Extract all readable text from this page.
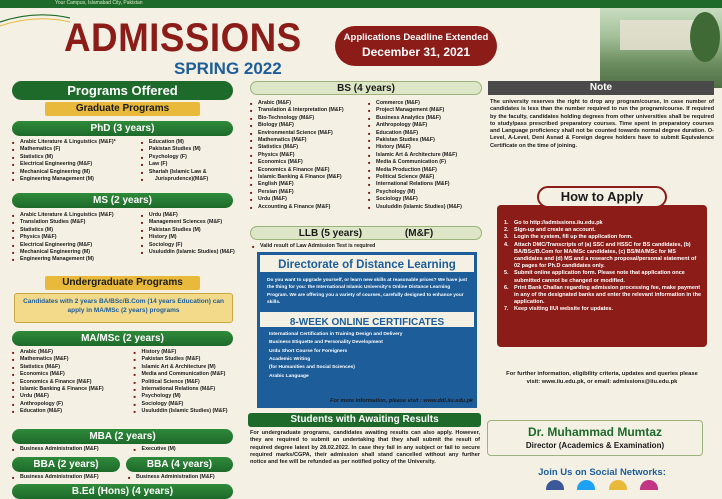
Your Campus, Islamabad City, Pakistan
ADMISSIONS
SPRING 2022
Applications Deadline Extended
December 31, 2021
Programs Offered
Graduate Programs
PhD (3 years)
■ Arabic Literature & Linguistics (M&F)*
■ Mathematics (F)
■ Statistics (M)
■ Electrical Engineering (M&F)
■ Mechanical Engineering (M)
■ Engineering Management (M)
■ Education (M)
■ Pakistan Studies (M)
■ Psychology (F)
■ Law (F)
■ Shariah (Islamic Law &
■ Jurisprudence)(M&F)
MS (2 years)
■ Arabic Literature & Linguistics (M&F)
■ Translation Studies (M&F)
■ Statistics (M)
■ Physics (M&F)
■ Electrical Engineering (M&F)
■ Mechanical Engineering (M)
■ Engineering Management (M)
■ Urdu (M&F)
■ Management Sciences (M&F)
■ Pakistan Studies (M)
■ History (M)
■ Sociology (F)
■ Usuluddin (Islamic Studies) (M&F)
Undergraduate Programs
Candidates with 2 years BA/BSc/B.Com (14 years Education) can apply in MA/MSc (2 years) programs
MA/MSc (2 years)
■ Arabic (M&F)
■ Mathematics (M&F)
■ Statistics (M&F)
■ Economics (M&F)
■ Economics & Finance (M&F)
■ Islamic Banking & Finance (M&F)
■ Urdu (M&F)
■ Anthropology (F)
■ Education (M&F)
■ History (M&F)
■ Pakistan Studies (M&F)
■ Islamic Art & Architecture (M)
■ Media and Communication (M&F)
■ Political Science (M&F)
■ International Relations (M&F)
■ Psychology (M)
■ Sociology (M&F)
■ Usuluddin (Islamic Studies) (M&F)
MBA (2 years)
■ Business Administration (M&F)	■ Executive (M)
BBA (2 years)	BBA (4 years)
■ Business Administration (M&F)	■ Business Administration (M&F)
B.Ed (Hons) (4 years)
BS (4 years)
■ Arabic (M&F)
■ Translation & Interpretation (M&F)
■ Bio-Technology (M&F)
■ Biology (M&F)
■ Environmental Science (M&F)
■ Mathematics (M&F)
■ Statistics (M&F)
■ Physics (M&F)
■ Economics (M&F)
■ Economics & Finance (M&F)
■ Islamic Banking & Finance (M&F)
■ English (M&F)
■ Persian (M&F)
■ Urdu (M&F)
■ Accounting & Finance (M&F)
■ Commerce (M&F)
■ Project Management (M&F)
■ Business Analytics (M&F)
■ Anthropology (M&F)
■ Education (M&F)
■ Pakistan Studies (M&F)
■ History (M&F)
■ Islamic Art & Architecture (M&F)
■ Media & Communication (F)
■ Media Production (M&F)
■ Political Science (M&F)
■ International Relations (M&F)
■ Psychology (M)
■ Sociology (M&F)
■ Usuluddin (Islamic Studies) (M&F)
LLB (5 years)	(M&F)
■ Valid result of Law Admission Test is required
Directorate of Distance Learning
Do you want to upgrade yourself, or learn new skills at reasonable prices? We have just the thing for you: the International Islamic University's Online Distance Learning Program. We are offering you a variety of courses, carefully designed to enhance your skills.
8-WEEK ONLINE CERTIFICATES
International Certification in Training Design and Delivery
Business Etiquette and Personality Development
Urdu Short Course for Foreigners
Academic Writing
(for Humanities and Social Sciences)
Arabic Language
For more information, please visit : www.ddl.iiu.edu.pk
Students with Awaiting Results
For undergraduate programs, candidates awaiting results can also apply. However, they are required to submit an undertaking that they shall submit the result of required degree latest by 28.02.2022. In case they fail in any subject or fail to secure required marks/CGPA, their admission shall stand cancelled without any further notice and fee will be refunded as per notified policy of the University.
Note
The university reserves the right to drop any program/course, in case number of candidates is less than the number required to run the program/course. If required by the faculty, candidates holding degrees from other universities shall be required to study/pass prescribed preparatory courses. Time spent in preparatory courses and Language proficiency shall not be counted towards normal degree duration. O-Level, A-Level, Deni Asnad & Foreign degree holders have to submit Equivalence Certificate on the time of joining.
How to Apply
1. Go to http://admissions.iiu.edu.pk
2. Sign-up and create an account.
3. Login the system, fill up the application form.
4. Attach DMC/Transcripts of (a) SSC and HSSC for BS candidates, (b) BA/BSc/B.Com for MA/MSc candidates, (c) BS/MA/MSc for MS candidates and (d) MS and a research proposal/personal statement of 02 pages for Ph.D candidates only.
5. Submit online application form. Please note that application once submitted cannot be changed or modified.
6. Print Bank Challan regarding admission processing fee, make payment in any of the designated banks and enter the relevant information in the application.
7. Keep visiting IIUI website for updates.
For further information, eligibility criteria, updates and queries please
visit: www.iiu.edu.pk, or email: admissions@iiu.edu.pk
Dr. Muhammad Mumtaz
Director (Academics & Examination)
Join Us on Social Networks:
